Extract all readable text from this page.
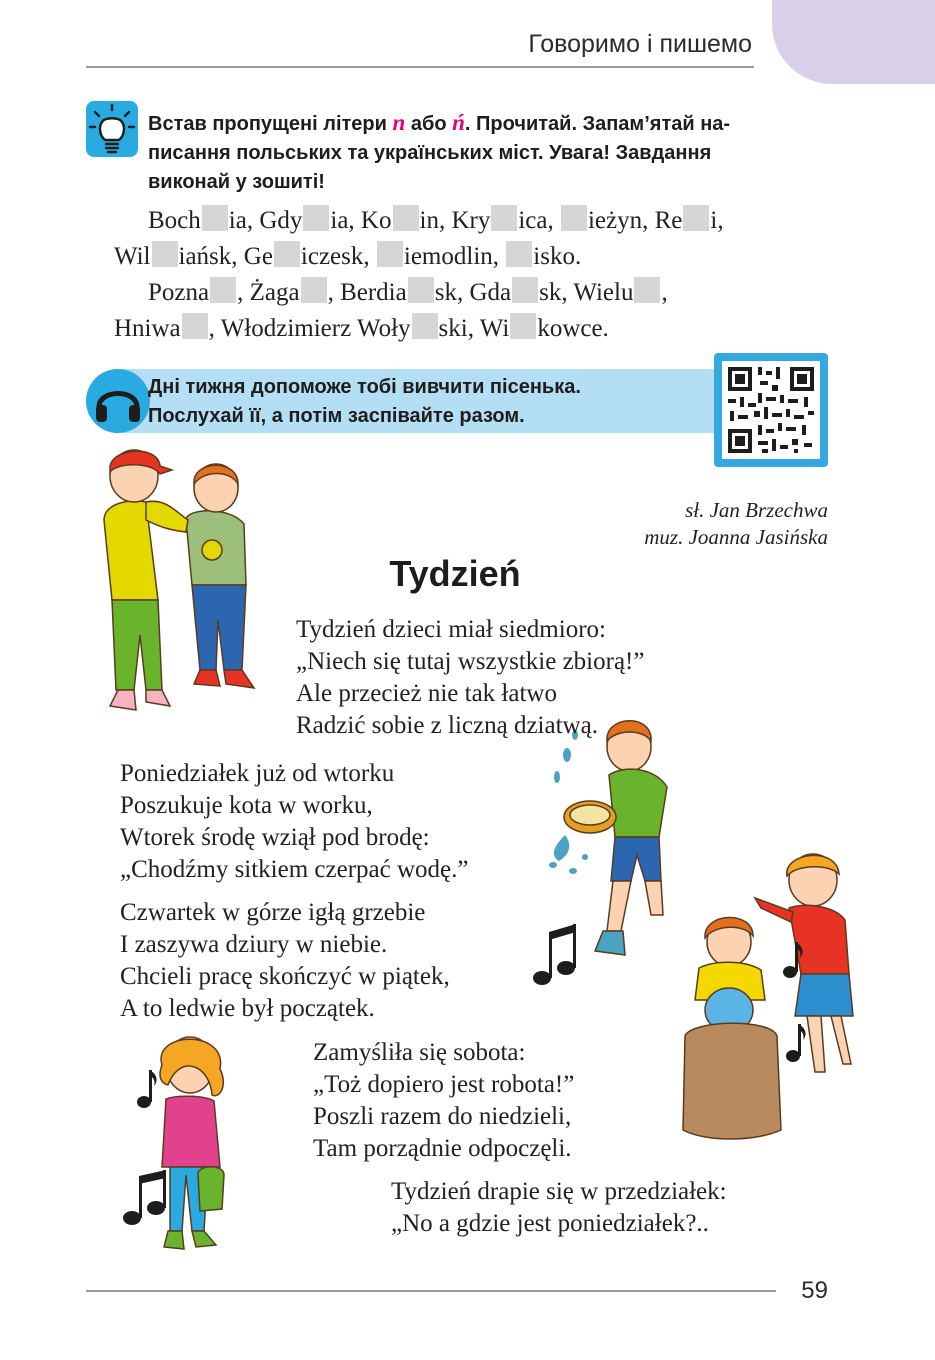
Говоримо і пишемо
Встав пропущені літери n або ń. Прочитай. Запам’ятай на-
писання польських та українських міст. Увага! Завдання
виконай у зошиті!
Boch ia, Gdy ia, Ko in, Kry ica, ieżyn, Re i,
Wil iańsk, Ge iczesk, iemodlin, isko.
Pozna , Żaga , Berdia sk, Gda sk, Wielu ,
Hniwa , Włodzimierz Woły ski, Wi kowce.
Дні тижня допоможе тобі вивчити пісенька.
Послухай її, а потім заспівайте разом.
sł. Jan Brzechwa
muz. Joanna Jasińska
Tydzień
Tydzień dzieci miał siedmioro:
„Niech się tutaj wszystkie zbiorą!”
Ale przecież nie tak łatwo
Radzić sobie z liczną dziatwą.
Poniedziałek już od wtorku
Poszukuje kota w worku,
Wtorek środę wziął pod brodę:
„Chodźmy sitkiem czerpać wodę.”
Czwartek w górze igłą grzebie
I zaszywa dziury w niebie.
Chcieli pracę skończyć w piątek,
A to ledwie był początek.
Zamyśliła się sobota:
„Toż dopiero jest robota!”
Poszli razem do niedzieli,
Tam porządnie odpoczęli.
Tydzień drapie się w przedziałek:
„No a gdzie jest poniedziałek?..
59
